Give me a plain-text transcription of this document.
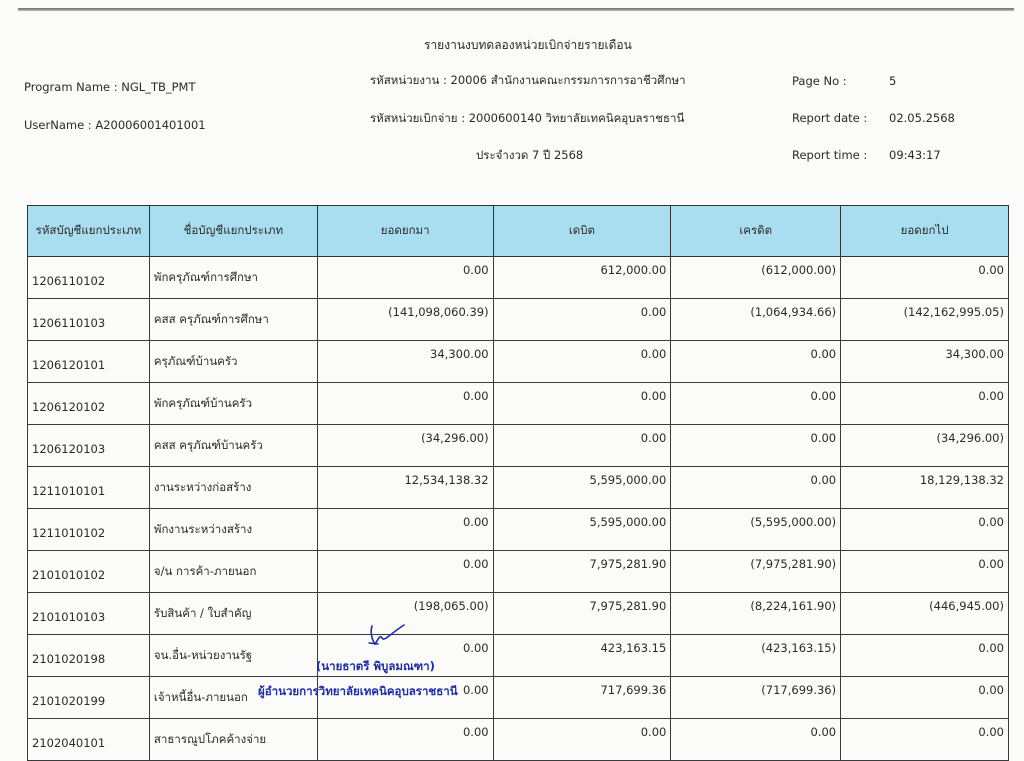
รายงานงบทดลองหน่วยเบิกจ่ายรายเดือน
Program Name : NGL_TB_PMT
UserName : A20006001401001
รหัสหน่วยงาน : 20006 สำนักงานคณะกรรมการการอาชีวศึกษา
รหัสหน่วยเบิกจ่าย : 2000600140 วิทยาลัยเทคนิคอุบลราชธานี
ประจำงวด 7 ปี 2568
Page No :	5
Report date : 02.05.2568
Report time : 09:43:17
รหัสบัญชีแยกประเภท	ชื่อบัญชีแยกประเภท	ยอดยกมา	เดบิต	เครดิต	ยอดยกไป
1206110102	พักครุภัณฑ์การศึกษา	0.00	612,000.00	(612,000.00)	0.00
1206110103	คสส ครุภัณฑ์การศึกษา	(141,098,060.39)	0.00	(1,064,934.66)	(142,162,995.05)
1206120101	ครุภัณฑ์บ้านครัว	34,300.00	0.00	0.00	34,300.00
1206120102	พักครุภัณฑ์บ้านครัว	0.00	0.00	0.00	0.00
1206120103	คสส ครุภัณฑ์บ้านครัว	(34,296.00)	0.00	0.00	(34,296.00)
1211010101	งานระหว่างก่อสร้าง	12,534,138.32	5,595,000.00	0.00	18,129,138.32
1211010102	พักงานระหว่างสร้าง	0.00	5,595,000.00	(5,595,000.00)	0.00
2101010102	จ/น การค้า-ภายนอก	0.00	7,975,281.90	(7,975,281.90)	0.00
2101010103	รับสินค้า / ใบสำคัญ	(198,065.00)	7,975,281.90	(8,224,161.90)	(446,945.00)
2101020198	จน.อื่น-หน่วยงานรัฐ	0.00	423,163.15	(423,163.15)	0.00
2101020199	เจ้าหนี้อื่น-ภายนอก	0.00	717,699.36	(717,699.36)	0.00
2102040101	สาธารณูปโภคค้างจ่าย	0.00	0.00	0.00	0.00
(นายธาตรี พิบูลมณฑา)
ผู้อำนวยการวิทยาลัยเทคนิคอุบลราชธานี
